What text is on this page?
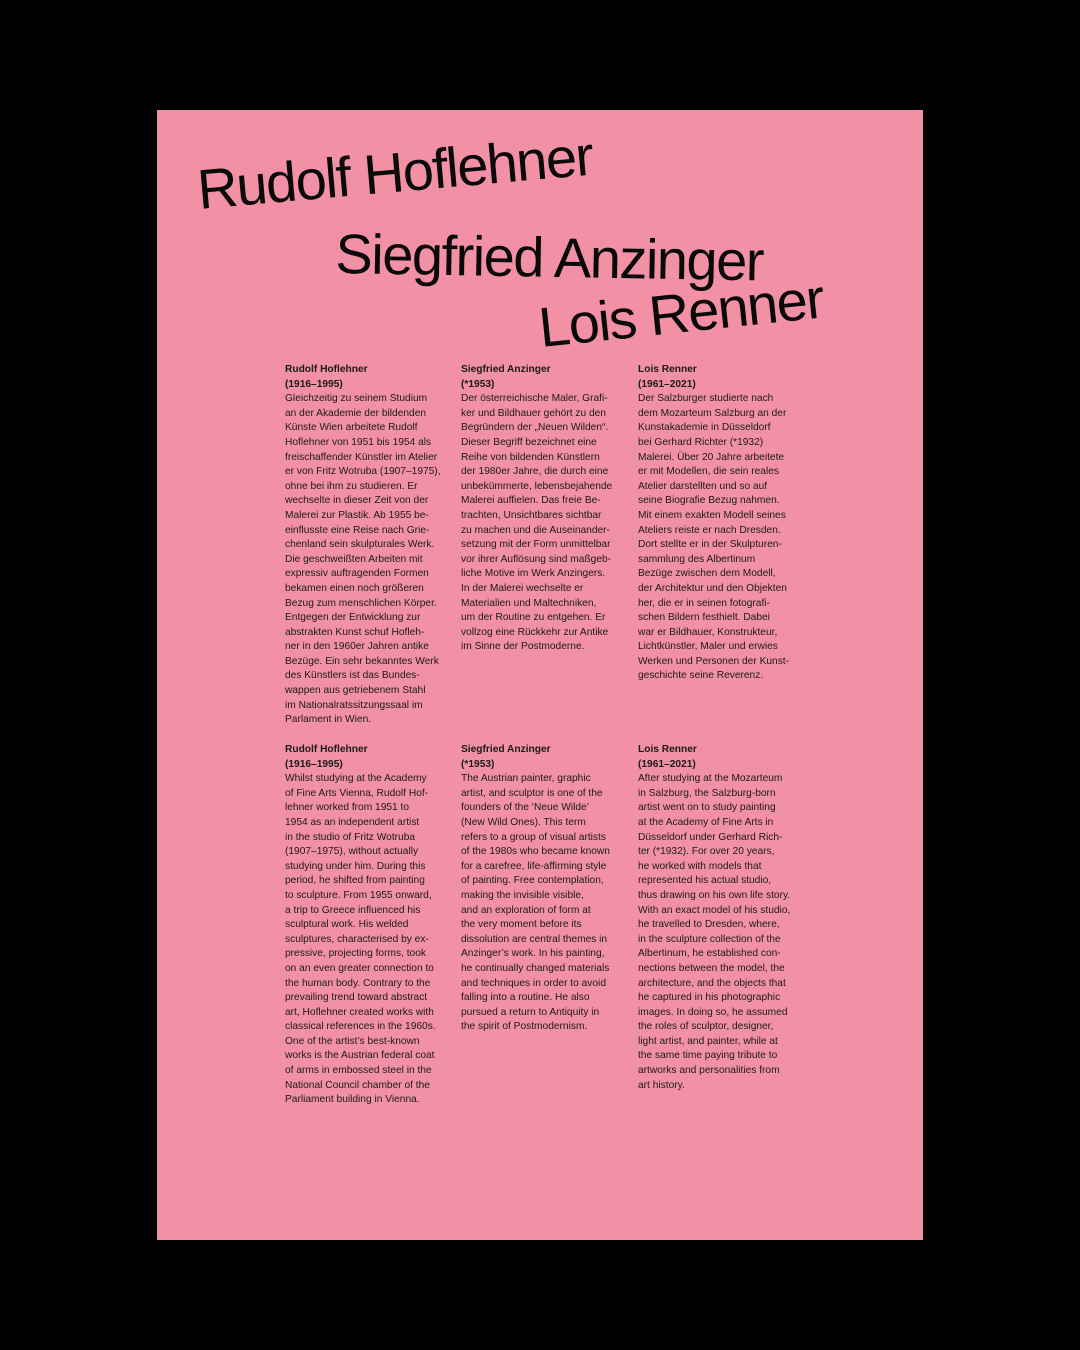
Rudolf Hoflehner
Siegfried Anzinger
Lois Renner
Rudolf Hoflehner
(1916–1995)
Gleichzeitig zu seinem Studium
an der Akademie der bildenden
Künste Wien arbeitete Rudolf
Hoflehner von 1951 bis 1954 als
freischaffender Künstler im Atelier
er von Fritz Wotruba (1907–1975),
ohne bei ihm zu studieren. Er
wechselte in dieser Zeit von der
Malerei zur Plastik. Ab 1955 be-
einflusste eine Reise nach Grie-
chenland sein skulpturales Werk.
Die geschweißten Arbeiten mit
expressiv auftragenden Formen
bekamen einen noch größeren
Bezug zum menschlichen Körper.
Entgegen der Entwicklung zur
abstrakten Kunst schuf Hofleh-
ner in den 1960er Jahren antike
Bezüge. Ein sehr bekanntes Werk
des Künstlers ist das Bundes-
wappen aus getriebenem Stahl
im Nationalratssitzungssaal im
Parlament in Wien.
Siegfried Anzinger
(*1953)
Der österreichische Maler, Grafi-
ker und Bildhauer gehört zu den
Begründern der „Neuen Wilden“.
Dieser Begriff bezeichnet eine
Reihe von bildenden Künstlern
der 1980er Jahre, die durch eine
unbekümmerte, lebensbejahende
Malerei auffielen. Das freie Be-
trachten, Unsichtbares sichtbar
zu machen und die Auseinander-
setzung mit der Form unmittelbar
vor ihrer Auflösung sind maßgeb-
liche Motive im Werk Anzingers.
In der Malerei wechselte er
Materialien und Maltechniken,
um der Routine zu entgehen. Er
vollzog eine Rückkehr zur Antike
im Sinne der Postmoderne.
Lois Renner
(1961–2021)
Der Salzburger studierte nach
dem Mozarteum Salzburg an der
Kunstakademie in Düsseldorf
bei Gerhard Richter (*1932)
Malerei. Über 20 Jahre arbeitete
er mit Modellen, die sein reales
Atelier darstellten und so auf
seine Biografie Bezug nahmen.
Mit einem exakten Modell seines
Ateliers reiste er nach Dresden.
Dort stellte er in der Skulpturen-
sammlung des Albertinum
Bezüge zwischen dem Modell,
der Architektur und den Objekten
her, die er in seinen fotografi-
schen Bildern festhielt. Dabei
war er Bildhauer, Konstrukteur,
Lichtkünstler, Maler und erwies
Werken und Personen der Kunst-
geschichte seine Reverenz.
Rudolf Hoflehner
(1916–1995)
Whilst studying at the Academy
of Fine Arts Vienna, Rudolf Hof-
lehner worked from 1951 to
1954 as an independent artist
in the studio of Fritz Wotruba
(1907–1975), without actually
studying under him. During this
period, he shifted from painting
to sculpture. From 1955 onward,
a trip to Greece influenced his
sculptural work. His welded
sculptures, characterised by ex-
pressive, projecting forms, took
on an even greater connection to
the human body. Contrary to the
prevailing trend toward abstract
art, Hoflehner created works with
classical references in the 1960s.
One of the artist’s best-known
works is the Austrian federal coat
of arms in embossed steel in the
National Council chamber of the
Parliament building in Vienna.
Siegfried Anzinger
(*1953)
The Austrian painter, graphic
artist, and sculptor is one of the
founders of the ‘Neue Wilde’
(New Wild Ones). This term
refers to a group of visual artists
of the 1980s who became known
for a carefree, life-affirming style
of painting. Free contemplation,
making the invisible visible,
and an exploration of form at
the very moment before its
dissolution are central themes in
Anzinger’s work. In his painting,
he continually changed materials
and techniques in order to avoid
falling into a routine. He also
pursued a return to Antiquity in
the spirit of Postmodernism.
Lois Renner
(1961–2021)
After studying at the Mozarteum
in Salzburg, the Salzburg-born
artist went on to study painting
at the Academy of Fine Arts in
Düsseldorf under Gerhard Rich-
ter (*1932). For over 20 years,
he worked with models that
represented his actual studio,
thus drawing on his own life story.
With an exact model of his studio,
he travelled to Dresden, where,
in the sculpture collection of the
Albertinum, he established con-
nections between the model, the
architecture, and the objects that
he captured in his photographic
images. In doing so, he assumed
the roles of sculptor, designer,
light artist, and painter, while at
the same time paying tribute to
artworks and personalities from
art history.
